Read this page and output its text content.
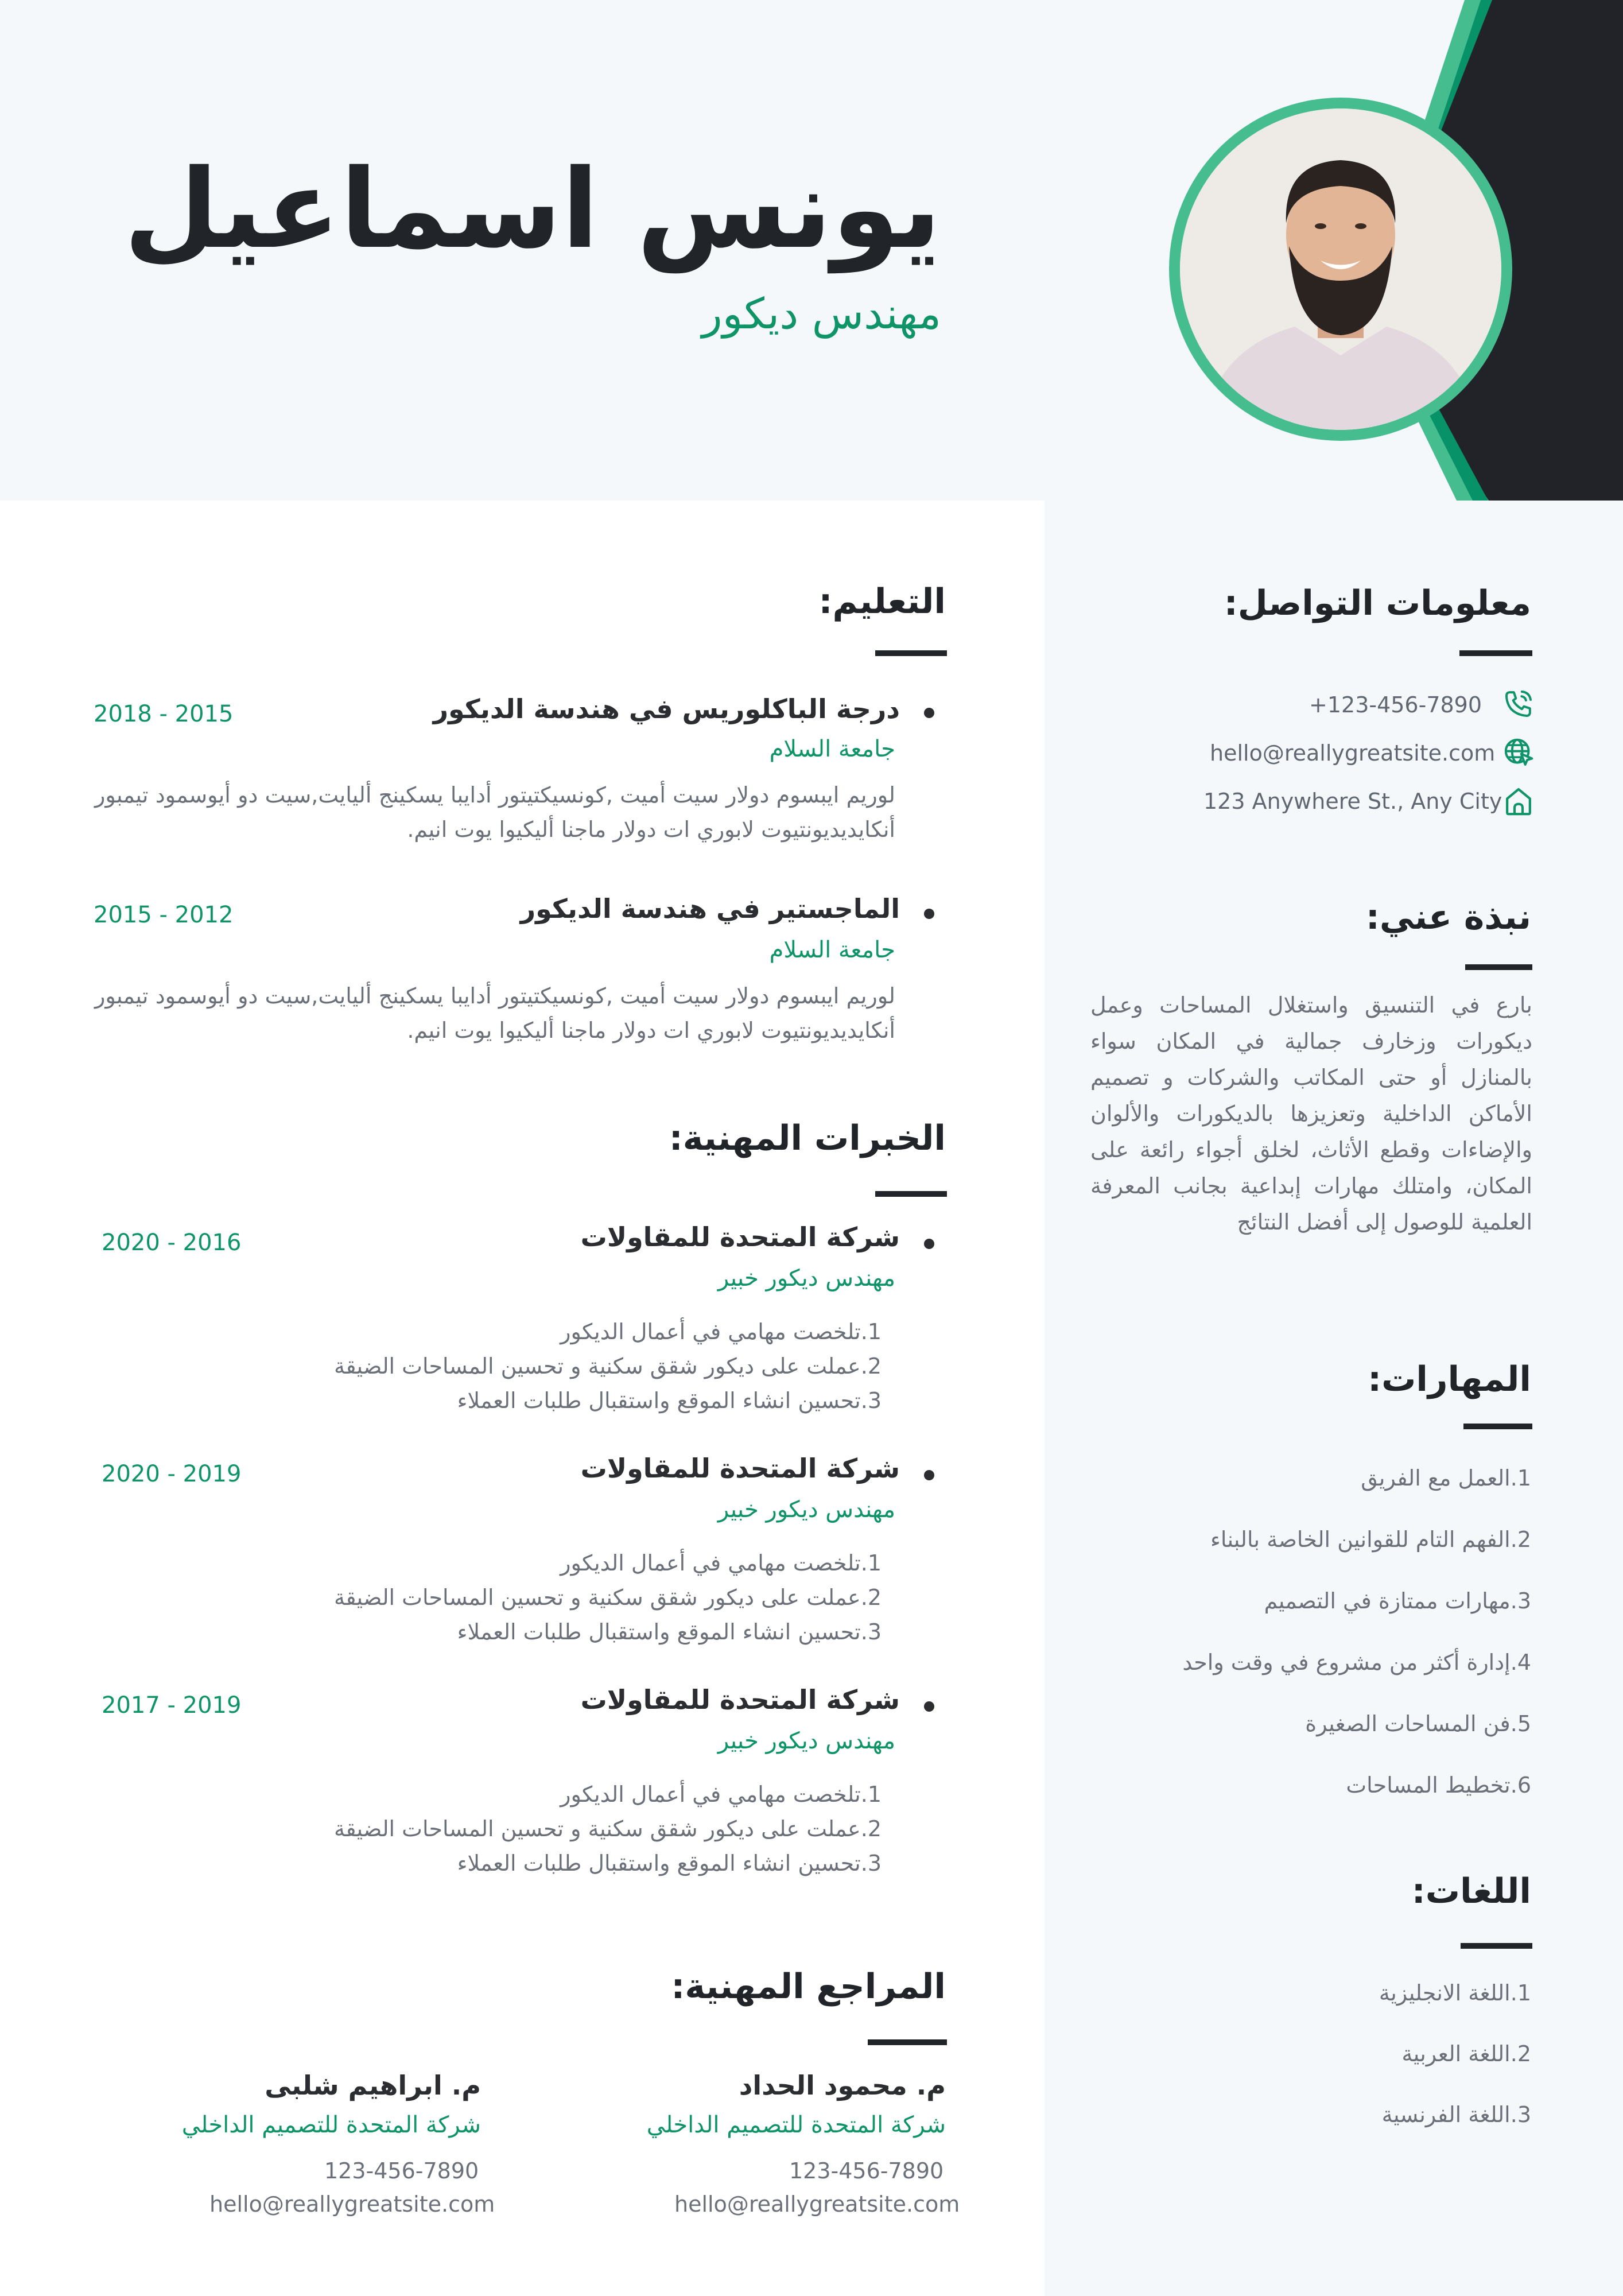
يونس اسماعيل
مهندس ديكور
التعليم:
درجة الباكلوريس في هندسة الديكور
2018 - 2015
جامعة السلام
لوريم ايبسوم دولار سيت أميت ,كونسيكتيتور أدايبا يسكينج أليايت,سيت دو أيوسمود تيمبور أنكايديديونتيوت لابوري ات دولار ماجنا أليكيوا يوت انيم.
الماجستير في هندسة الديكور
2015 - 2012
جامعة السلام
لوريم ايبسوم دولار سيت أميت ,كونسيكتيتور أدايبا يسكينج أليايت,سيت دو أيوسمود تيمبور أنكايديديونتيوت لابوري ات دولار ماجنا أليكيوا يوت انيم.
الخبرات المهنية:
شركة المتحدة للمقاولات
2020 - 2016
مهندس ديكور خبير
1.تلخصت مهامي في أعمال الديكور
2.عملت على ديكور شقق سكنية و تحسين المساحات الضيقة
3.تحسين انشاء الموقع واستقبال طلبات العملاء
شركة المتحدة للمقاولات
2020 - 2019
مهندس ديكور خبير
1.تلخصت مهامي في أعمال الديكور
2.عملت على ديكور شقق سكنية و تحسين المساحات الضيقة
3.تحسين انشاء الموقع واستقبال طلبات العملاء
شركة المتحدة للمقاولات
2017 - 2019
مهندس ديكور خبير
1.تلخصت مهامي في أعمال الديكور
2.عملت على ديكور شقق سكنية و تحسين المساحات الضيقة
3.تحسين انشاء الموقع واستقبال طلبات العملاء
المراجع المهنية:
م. محمود الحداد
شركة المتحدة للتصميم الداخلي
123-456-7890
hello@reallygreatsite.com
م. ابراهيم شلبى
شركة المتحدة للتصميم الداخلي
123-456-7890
hello@reallygreatsite.com
معلومات التواصل:
+123-456-7890
hello@reallygreatsite.com
123 Anywhere St., Any City
نبذة عني:
بارع في التنسيق واستغلال المساحات وعمل ديكورات وزخارف جمالية في المكان سواء بالمنازل أو حتى المكاتب والشركات و تصميم الأماكن الداخلية وتعزيزها بالديكورات والألوان والإضاءات وقطع الأثاث، لخلق أجواء رائعة على المكان، وامتلك مهارات إبداعية بجانب المعرفة العلمية للوصول إلى أفضل النتائج
المهارات:
1.العمل مع الفريق
2.الفهم التام للقوانين الخاصة بالبناء
3.مهارات ممتازة في التصميم
4.إدارة أكثر من مشروع في وقت واحد
5.فن المساحات الصغيرة
6.تخطيط المساحات
اللغات:
1.اللغة الانجليزية
2.اللغة العربية
3.اللغة الفرنسية
